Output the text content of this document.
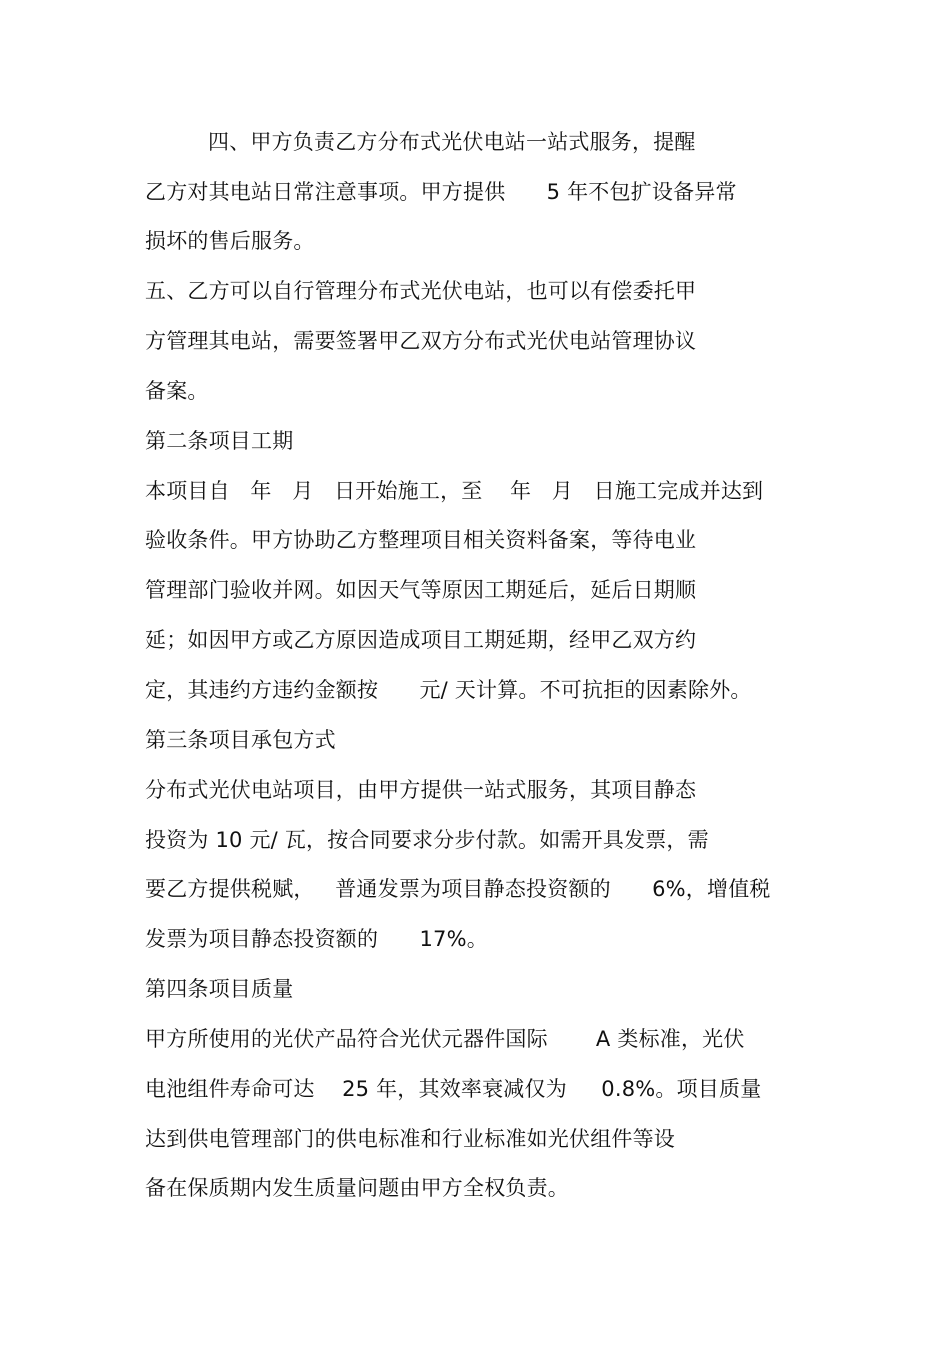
四、甲方负责乙方分布式光伏电站一站式服务，提醒
乙方对其电站日常注意事项。甲方提供      5 年不包扩设备异常
损坏的售后服务。
五、乙方可以自行管理分布式光伏电站，也可以有偿委托甲
方管理其电站，需要签署甲乙双方分布式光伏电站管理协议
备案。
第二条项目工期
本项目自   年   月   日开始施工，至    年   月   日施工完成并达到
验收条件。甲方协助乙方整理项目相关资料备案，等待电业
管理部门验收并网。如因天气等原因工期延后，延后日期顺
延；如因甲方或乙方原因造成项目工期延期，经甲乙双方约
定，其违约方违约金额按      元/ 天计算。不可抗拒的因素除外。
第三条项目承包方式
分布式光伏电站项目，由甲方提供一站式服务，其项目静态
投资为 10 元/ 瓦，按合同要求分步付款。如需开具发票，需
要乙方提供税赋，   普通发票为项目静态投资额的      6%，增值税
发票为项目静态投资额的      17%。
第四条项目质量
甲方所使用的光伏产品符合光伏元器件国际       A 类标准，光伏
电池组件寿命可达    25 年，其效率衰减仅为     0.8%。项目质量
达到供电管理部门的供电标准和行业标准如光伏组件等设
备在保质期内发生质量问题由甲方全权负责。
